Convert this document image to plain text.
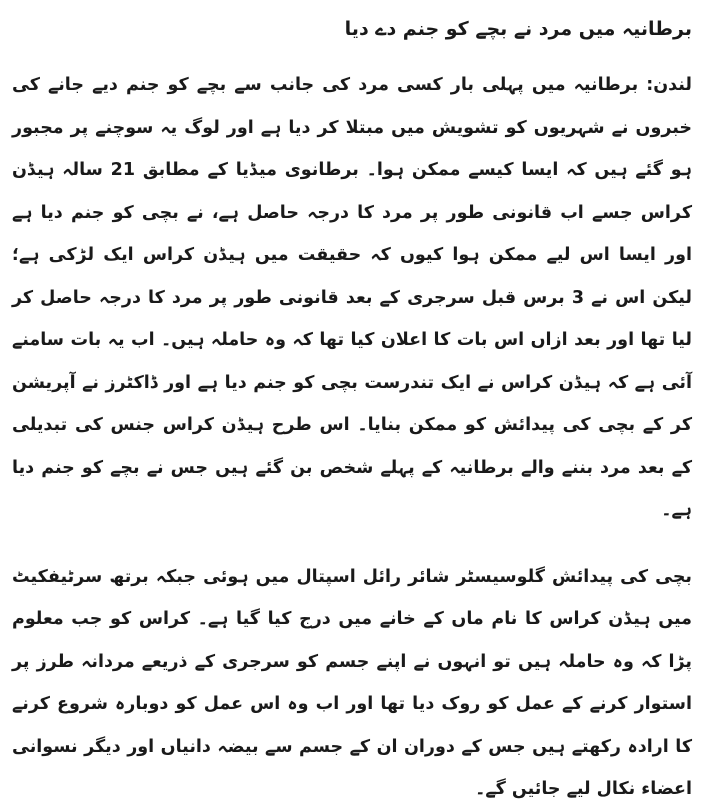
برطانیہ میں مرد نے بچے کو جنم دے دیا

لندن: برطانیہ میں پہلی بار کسی مرد کی جانب سے بچے کو جنم دیے جانے کی خبروں نے شہریوں کو تشویش میں مبتلا کر دیا ہے اور لوگ یہ سوچنے پر مجبور ہو گئے ہیں کہ ایسا کیسے ممکن ہوا۔ برطانوی میڈیا کے مطابق 21 سالہ ہیڈن کراس جسے اب قانونی طور پر مرد کا درجہ حاصل ہے، نے بچی کو جنم دیا ہے اور ایسا اس لیے ممکن ہوا کیوں کہ حقیقت میں ہیڈن کراس ایک لڑکی ہے؛ لیکن اس نے 3 برس قبل سرجری کے بعد قانونی طور پر مرد کا درجہ حاصل کر لیا تھا اور بعد ازاں اس بات کا اعلان کیا تھا کہ وہ حاملہ ہیں۔ اب یہ بات سامنے آئی ہے کہ ہیڈن کراس نے ایک تندرست بچی کو جنم دیا ہے اور ڈاکٹرز نے آپریشن کر کے بچی کی پیدائش کو ممکن بنایا۔ اس طرح ہیڈن کراس جنس کی تبدیلی کے بعد مرد بننے والے برطانیہ کے پہلے شخص بن گئے ہیں جس نے بچے کو جنم دیا ہے۔

بچی کی پیدائش گلوسیسٹر شائر رائل اسپتال میں ہوئی جبکہ برتھ سرٹیفکیٹ میں ہیڈن کراس کا نام ماں کے خانے میں درج کیا گیا ہے۔ کراس کو جب معلوم پڑا کہ وہ حاملہ ہیں تو انہوں نے اپنے جسم کو سرجری کے ذریعے مردانہ طرز پر استوار کرنے کے عمل کو روک دیا تھا اور اب وہ اس عمل کو دوبارہ شروع کرنے کا ارادہ رکھتے ہیں جس کے دوران ان کے جسم سے بیضہ دانیاں اور دیگر نسوانی اعضاء نکال لیے جائیں گے۔
